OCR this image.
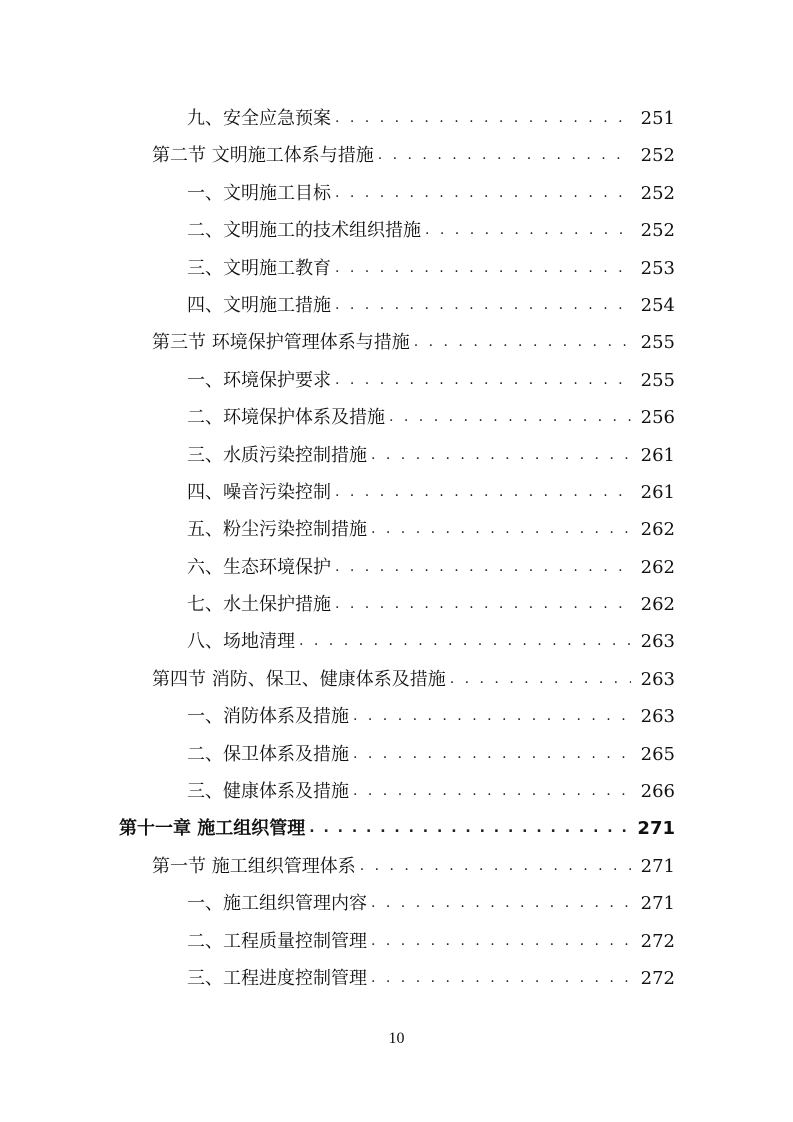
九、安全应急预案 . . .	251
第二节 文明施工体系与措施 . . .	252
一、文明施工目标 . . .	252
二、文明施工的技术组织措施 . . .	252
三、文明施工教育 . . .	253
四、文明施工措施 . . .	254
第三节 环境保护管理体系与措施 . . .	255
一、环境保护要求 . . .	255
二、环境保护体系及措施 . . .	256
三、水质污染控制措施 . . .	261
四、噪音污染控制 . . .	261
五、粉尘污染控制措施 . . .	262
六、生态环境保护 . . .	262
七、水土保护措施 . . .	262
八、场地清理 . . .	263
第四节 消防、保卫、健康体系及措施 . . .	263
一、消防体系及措施 . . .	263
二、保卫体系及措施 . . .	265
三、健康体系及措施 . . .	266
第十一章 施工组织管理 . . .	271
第一节 施工组织管理体系 . . .	271
一、施工组织管理内容 . . .	271
二、工程质量控制管理 . . .	272
三、工程进度控制管理 . . .	272
10
